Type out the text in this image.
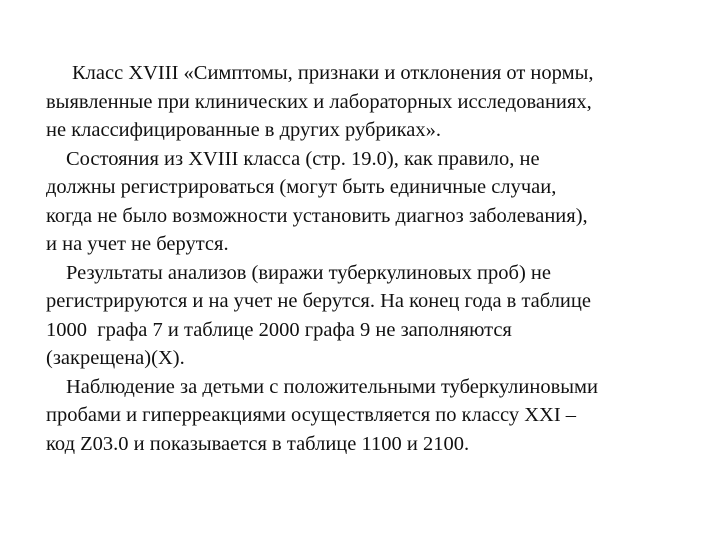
Класс XVIII «Симптомы, признаки и отклонения от нормы,
выявленные при клинических и лабораторных исследованиях,
не классифицированные в других рубриках».
Состояния из XVIII класса (стр. 19.0), как правило, не
должны регистрироваться (могут быть единичные случаи,
когда не было возможности установить диагноз заболевания),
и на учет не берутся.
Результаты анализов (виражи туберкулиновых проб) не
регистрируются и на учет не берутся. На конец года в таблице
1000  графа 7 и таблице 2000 графа 9 не заполняются
(закрещена)(X).
Наблюдение за детьми с положительными туберкулиновыми
пробами и гиперреакциями осуществляется по классу XXI –
код Z03.0 и показывается в таблице 1100 и 2100.
